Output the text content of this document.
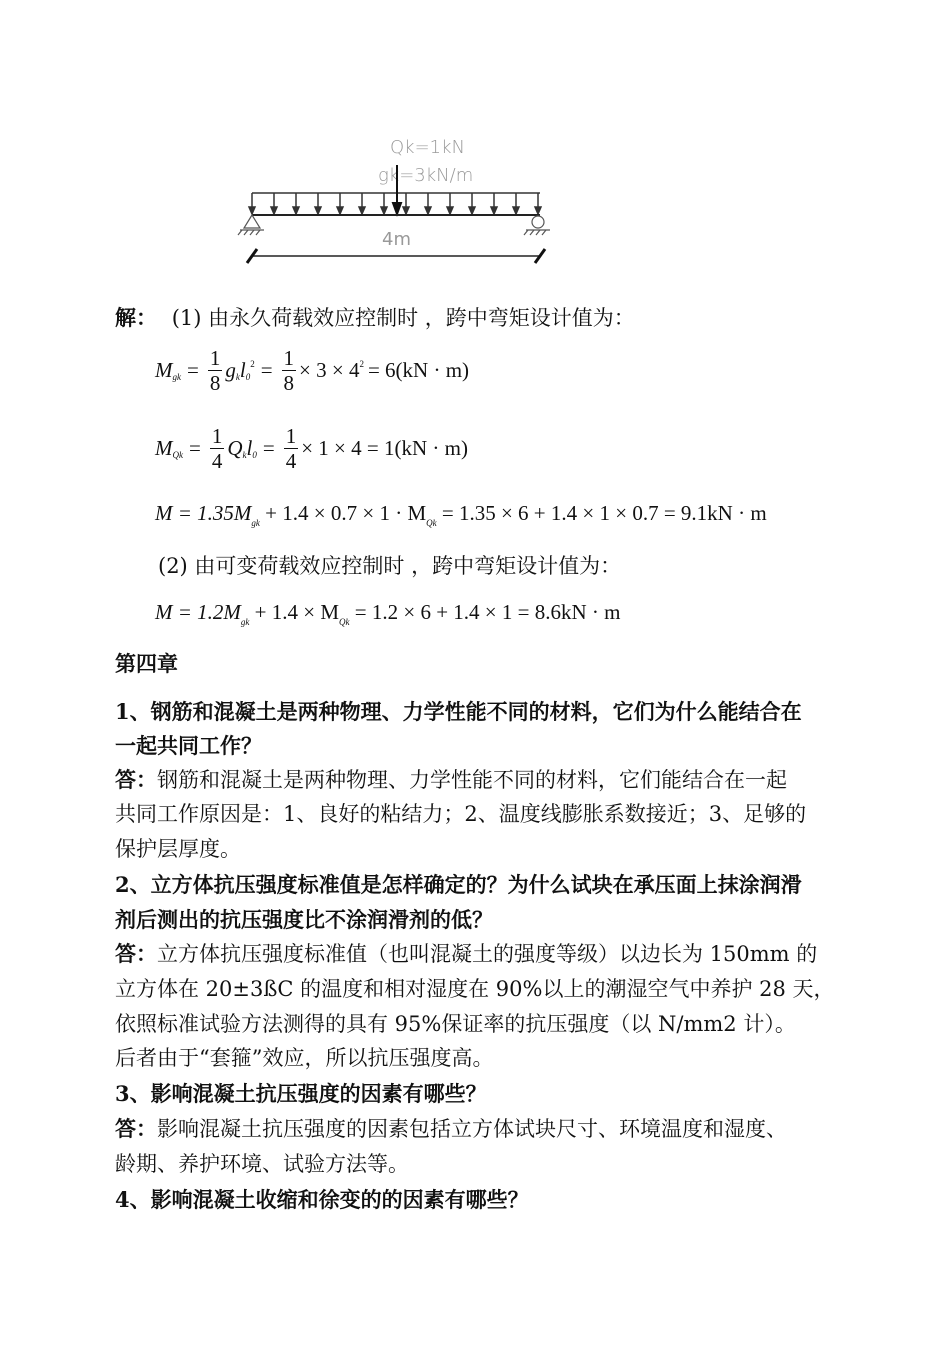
Qk=1kN
gk=3kN/m
4m
解： (1) 由永久荷载效应控制时 ，跨中弯矩设计值为：
M gk = $\frac{1}{8}$ g k l 0
$2 = \frac{1}{8} \times 3 \times 4$ 2 = 6(kN · m)
M $Qk = \frac{1}{4}$ Q k l $0 = \frac{1}{4} \times 1 \times 4 = 1(kN \cdot m)$
$M = 1.35M_{gk} + 1.4 \times 0.7 \times 1 \cdot M_{Qk} = 1.35 \times 6 + 1.4 \times 1 \times 0.7 = 9.1kN \cdot m$
(2) 由可变荷载效应控制时 ，跨中弯矩设计值为：
$M = 1.2M_{gk} + 1.4 \times M_{Qk} = 1.2 \times 6 + 1.4 \times 1 = 8.6kN \cdot m$
第四章
1、钢筋和混凝土是两种物理、力学性能不同的材料，它们为什么能结合在
一起共同工作？
答：钢筋和混凝土是两种物理、力学性能不同的材料，它们能结合在一起
共同工作原因是：1、良好的粘结力；2、温度线膨胀系数接近；3、足够的
保护层厚度。
2、立方体抗压强度标准值是怎样确定的？为什么试块在承压面上抹涂润滑
剂后测出的抗压强度比不涂润滑剂的低？
答：立方体抗压强度标准值（也叫混凝土的强度等级）以边长为 150mm 的
立方体在 20±3ßC 的温度和相对湿度在 90%以上的潮湿空气中养护 28 天，
依照标准试验方法测得的具有 95%保证率的抗压强度（以 N/mm2 计）。
后者由于“套箍”效应，所以抗压强度高。
3、影响混凝土抗压强度的因素有哪些？
答：影响混凝土抗压强度的因素包括立方体试块尺寸、环境温度和湿度、
龄期、养护环境、试验方法等。
4、影响混凝土收缩和徐变的的因素有哪些？
